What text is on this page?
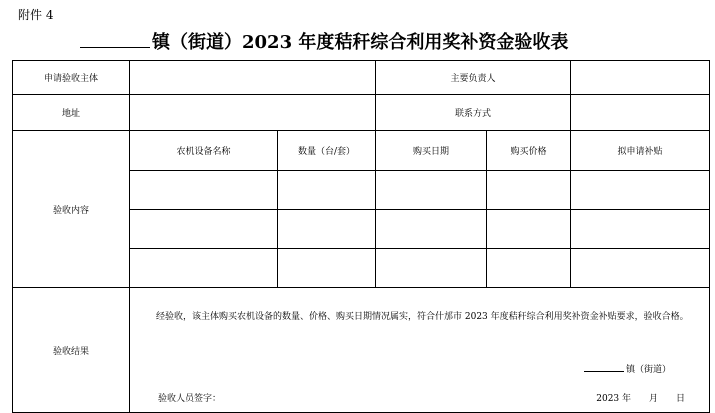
附件 4
镇（街道）2023 年度秸秆综合利用奖补资金验收表
申请验收主体			主要负责人		
地址			联系方式		
验收内容	农机设备名称	数量（台/套）	购买日期	购买价格	拟申请补贴

验收结果	经验收，该主体购买农机设备的数量、价格、购买日期情况属实，符合什邡市 2023 年度秸秆综合利用奖补资金补贴要求，验收合格。
镇（街道）
验收人员签字： 2023 年　　月　　日				
